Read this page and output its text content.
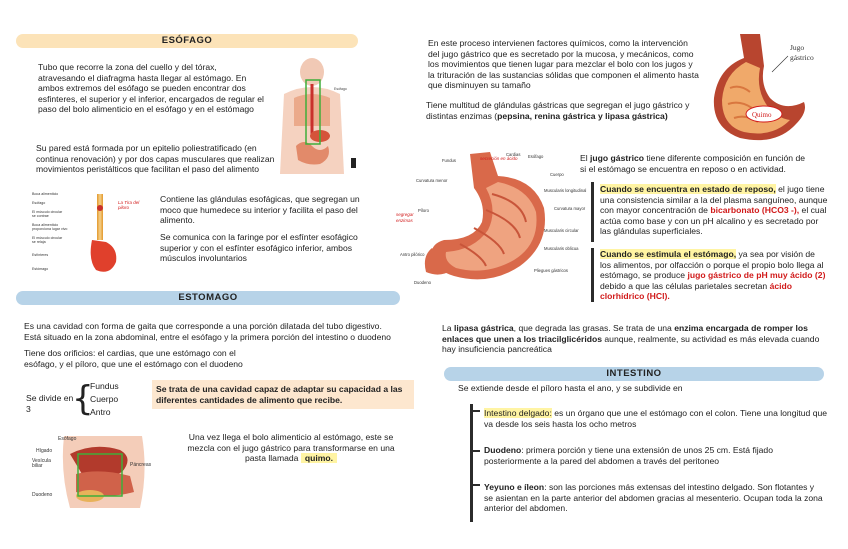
ESÓFAGO
Tubo que recorre la zona del cuello y del tórax, atravesando el diafragma hasta llegar al estómago. En ambos extremos del esófago se pueden encontrar dos esfinteres, el superior y el inferior, encargados de regular el paso del bolo alimenticio en el esófago y en el estómago
Esófago
Su pared está formada por un epitelio poliestratificado (en continua renovación) y por dos capas musculares que realizan movimientos peristálticos que facilitan el paso del alimento
Boca alimenticio
Esófago
El músculo circular
se contrae
Boca alimenticio
proporciona lugar vivo
El músculo circular
se relaja
Esfínteres
Estómago
La Tira del
piloro
Contiene las glándulas esofágicas, que segregan un moco que humedece su interior y facilita el paso del alimento.
Se comunica con la faringe por el esfínter esofágico superior y con el esfínter esofágico inferior, ambos músculos involuntarios
ESTOMAGO
Es una cavidad con forma de gaita que corresponde a una porción dilatada del tubo digestivo.
Está situado en la zona abdominal, entre el esófago y la primera porción del intestino o duodeno
Tiene dos orificios: el cardias, que une estómago con el esófago, y el píloro, que une el estómago con el duodeno
Se divide en 3	{
Fundus
Cuerpo
Antro
Se trata de una cavidad capaz de adaptar su capacidad a las diferentes cantidades de alimento que recibe.
Esófago
Hígado
Vesícula
biliar
Duodeno
Páncreas
Una vez llega el bolo alimenticio al estómago, este se mezcla con el jugo gástrico para transformarse en una pasta llamada quimo.
En este proceso intervienen factores químicos, como la intervención del jugo gástrico que es secretado por la mucosa, y mecánicos, como los movimientos que tienen lugar para mezclar el bolo con los jugos y la trituración de las sustancias sólidas que componen el alimento hasta que disminuyen su tamaño
Tiene multitud de glándulas gástricas que segregan el jugo gástrico y distintas enzimas (pepsina, renina gástrica y lipasa gástrica)	Quimo
Jugo
gástrico
Cardias
Fundus
Esófago
Curvatura menor
Píloro
Duodeno
Antro pilórico
Cuerpo
Curvatura mayor
Pliegues gástricos
Muscularis oblicua
Muscularis circular
Muscularis longitudinal
secreción en ácido
segregar
enzimas
El jugo gástrico tiene diferente composición en función de si el estómago se encuentra en reposo o en actividad.
Cuando se encuentra en estado de reposo, el jugo tiene una consistencia similar a la del plasma sanguíneo, aunque con mayor concentración de bicarbonato (HCO3 -), el cual actúa como base y con un pH alcalino y es secretado por las glándulas superficiales.
Cuando se estimula el estómago, ya sea por visión de los alimentos, por olfacción o porque el propio bolo llega al estómago, se produce jugo gástrico de pH muy ácido (2) debido a que las células parietales secretan ácido clorhídrico (HCl).
La lipasa gástrica, que degrada las grasas. Se trata de una enzima encargada de romper los enlaces que unen a los triacilglicéridos aunque, realmente, su actividad es más elevada cuando hay insuficiencia pancreática
INTESTINO
Se extiende desde el píloro hasta el ano, y se subdivide en
Intestino delgado: es un órgano que une el estómago con el colon. Tiene una longitud que va desde los seis hasta los ocho metros
Duodeno: primera porción y tiene una extensión de unos 25 cm. Está fijado posteriormente a la pared del abdomen a través del peritoneo
Yeyuno e íleon: son las porciones más extensas del intestino delgado. Son flotantes y se asientan en la parte anterior del abdomen gracias al mesenterio. Ocupan toda la zona anterior del abdomen.
